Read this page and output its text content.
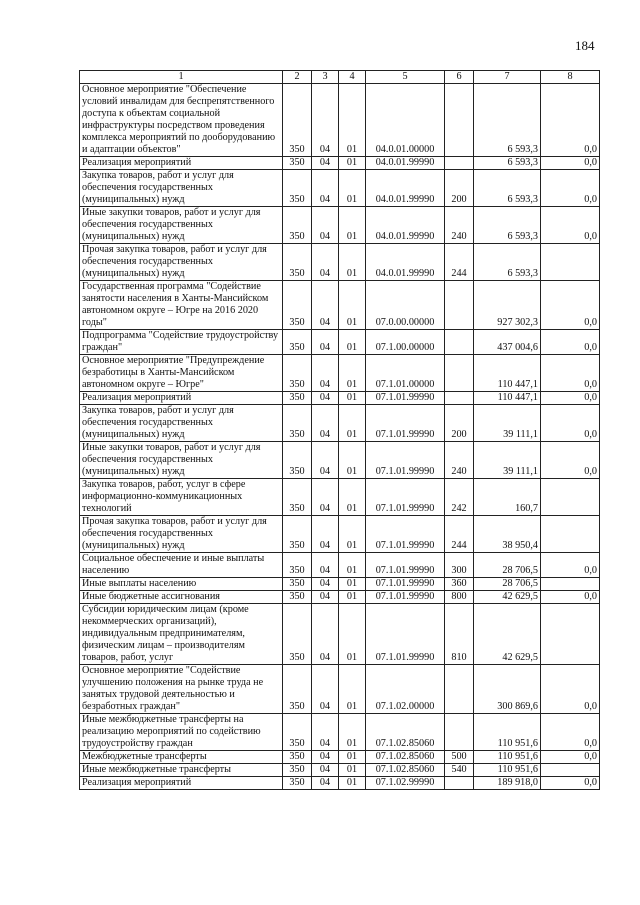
184
1	2	3	4	5	6	7	8
Основное мероприятие "Обеспечение условий инвалидам для беспрепятственного доступа к объектам социальной инфраструктуры посредством проведения комплекса мероприятий по дооборудованию и адаптации объектов"	350	04	01	04.0.01.00000		6 593,3	0,0
Реализация мероприятий	350	04	01	04.0.01.99990		6 593,3	0,0
Закупка товаров, работ и услуг для обеспечения государственных (муниципальных) нужд	350	04	01	04.0.01.99990	200	6 593,3	0,0
Иные закупки товаров, работ и услуг для обеспечения государственных (муниципальных) нужд	350	04	01	04.0.01.99990	240	6 593,3	0,0
Прочая закупка товаров, работ и услуг для обеспечения государственных (муниципальных) нужд	350	04	01	04.0.01.99990	244	6 593,3	
Государственная программа "Содействие занятости населения в Ханты-Мансийском автономном округе – Югре на 2016 2020 годы"	350	04	01	07.0.00.00000		927 302,3	0,0
Подпрограмма "Содействие трудоустройству граждан"	350	04	01	07.1.00.00000		437 004,6	0,0
Основное мероприятие "Предупреждение безработицы в Ханты-Мансийском автономном округе – Югре"	350	04	01	07.1.01.00000		110 447,1	0,0
Реализация мероприятий	350	04	01	07.1.01.99990		110 447,1	0,0
Закупка товаров, работ и услуг для обеспечения государственных (муниципальных) нужд	350	04	01	07.1.01.99990	200	39 111,1	0,0
Иные закупки товаров, работ и услуг для обеспечения государственных (муниципальных) нужд	350	04	01	07.1.01.99990	240	39 111,1	0,0
Закупка товаров, работ, услуг в сфере информационно-коммуникационных технологий	350	04	01	07.1.01.99990	242	160,7	
Прочая закупка товаров, работ и услуг для обеспечения государственных (муниципальных) нужд	350	04	01	07.1.01.99990	244	38 950,4	
Социальное обеспечение и иные выплаты населению	350	04	01	07.1.01.99990	300	28 706,5	0,0
Иные выплаты населению	350	04	01	07.1.01.99990	360	28 706,5	
Иные бюджетные ассигнования	350	04	01	07.1.01.99990	800	42 629,5	0,0
Субсидии юридическим лицам (кроме некоммерческих организаций), индивидуальным предпринимателям, физическим лицам – производителям товаров, работ, услуг	350	04	01	07.1.01.99990	810	42 629,5	
Основное мероприятие "Содействие улучшению положения на рынке труда не занятых трудовой деятельностью и безработных граждан"	350	04	01	07.1.02.00000		300 869,6	0,0
Иные межбюджетные трансферты на реализацию мероприятий по содействию трудоустройству граждан	350	04	01	07.1.02.85060		110 951,6	0,0
Межбюджетные трансферты	350	04	01	07.1.02.85060	500	110 951,6	0,0
Иные межбюджетные трансферты	350	04	01	07.1.02.85060	540	110 951,6	
Реализация мероприятий	350	04	01	07.1.02.99990		189 918,0	0,0
